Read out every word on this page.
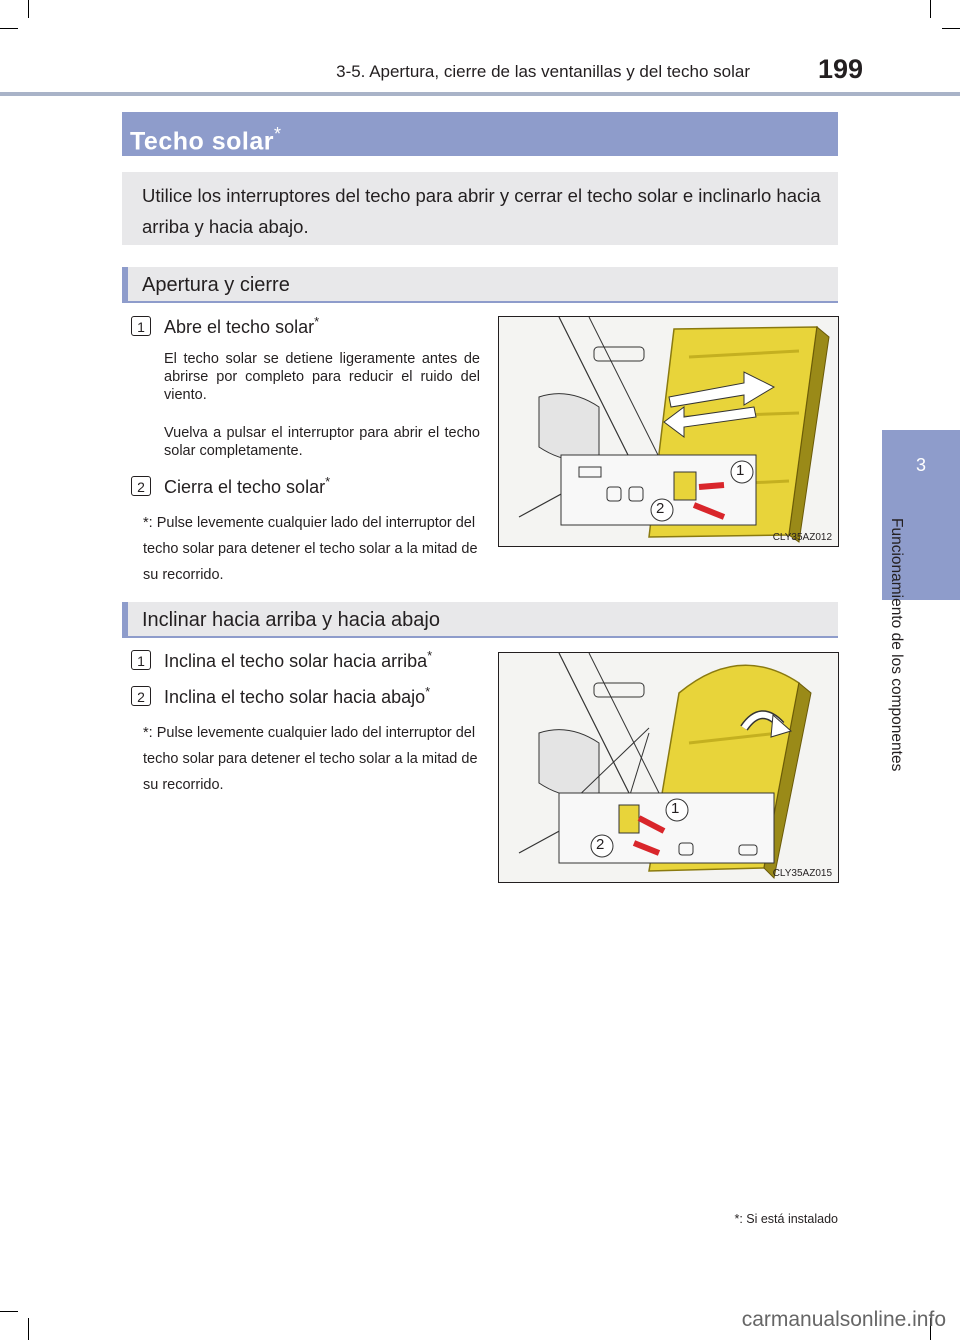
3-5. Apertura, cierre de las ventanillas y del techo solar	199
3
Funcionamiento de los componentes
Techo solar*
Utilice los interruptores del techo para abrir y cerrar el techo solar e inclinarlo hacia arriba y hacia abajo.
Apertura y cierre
1	Abre el techo solar*
El techo solar se detiene ligeramente antes de abrirse por completo para reducir el ruido del viento.
Vuelva a pulsar el interruptor para abrir el techo solar completamente.
2	Cierra el techo solar*
*: Pulse levemente cualquier lado del interruptor del techo solar para detener el techo solar a la mitad de su recorrido.
1
2
CLY35AZ012
Inclinar hacia arriba y hacia abajo
1	Inclina el techo solar hacia arriba*
2	Inclina el techo solar hacia abajo*
*: Pulse levemente cualquier lado del interruptor del techo solar para detener el techo solar a la mitad de su recorrido.
1
2
CLY35AZ015
*: Si está instalado
carmanualsonline.info
